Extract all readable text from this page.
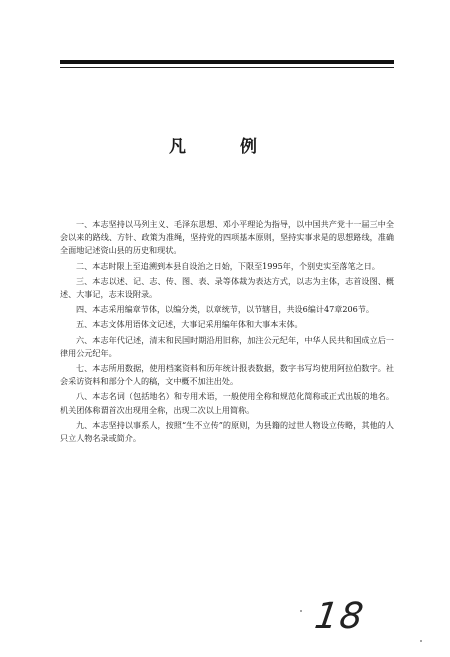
凡 例

一、本志坚持以马列主义、毛泽东思想、邓小平理论为指导，以中国共产党十一届三中全会以来的路线、方针、政策为准绳，坚持党的四项基本原则，坚持实事求是的思想路线，准确全面地记述资山县的历史和现状。

二、本志时限上至追溯到本县自设治之日始，下限至1995年，个别史实至落笔之日。

三、本志以述、记、志、传、图、表、录等体裁为表达方式，以志为主体，志首设图、概述、大事记，志末设附录。

四、本志采用编章节体，以编分类，以章统节，以节辖目，共设6编计47章206节。

五、本志文体用语体文记述，大事记采用编年体和大事本末体。

六、本志年代记述，清末和民国时期沿用旧称，加注公元纪年，中华人民共和国成立后一律用公元纪年。

七、本志所用数据，使用档案资料和历年统计报表数据，数字书写均使用阿拉伯数字。社会采访资料和部分个人的稿，文中概不加注出处。

八、本志名词（包括地名）和专用术语，一般使用全称和规范化简称或正式出版的地名。机关团体称谓首次出现用全称，出现二次以上用简称。

九、本志坚持以事系人，按照“生不立传”的原则，为县籍的过世人物设立传略，其他的人只立人物名录或简介。

18
